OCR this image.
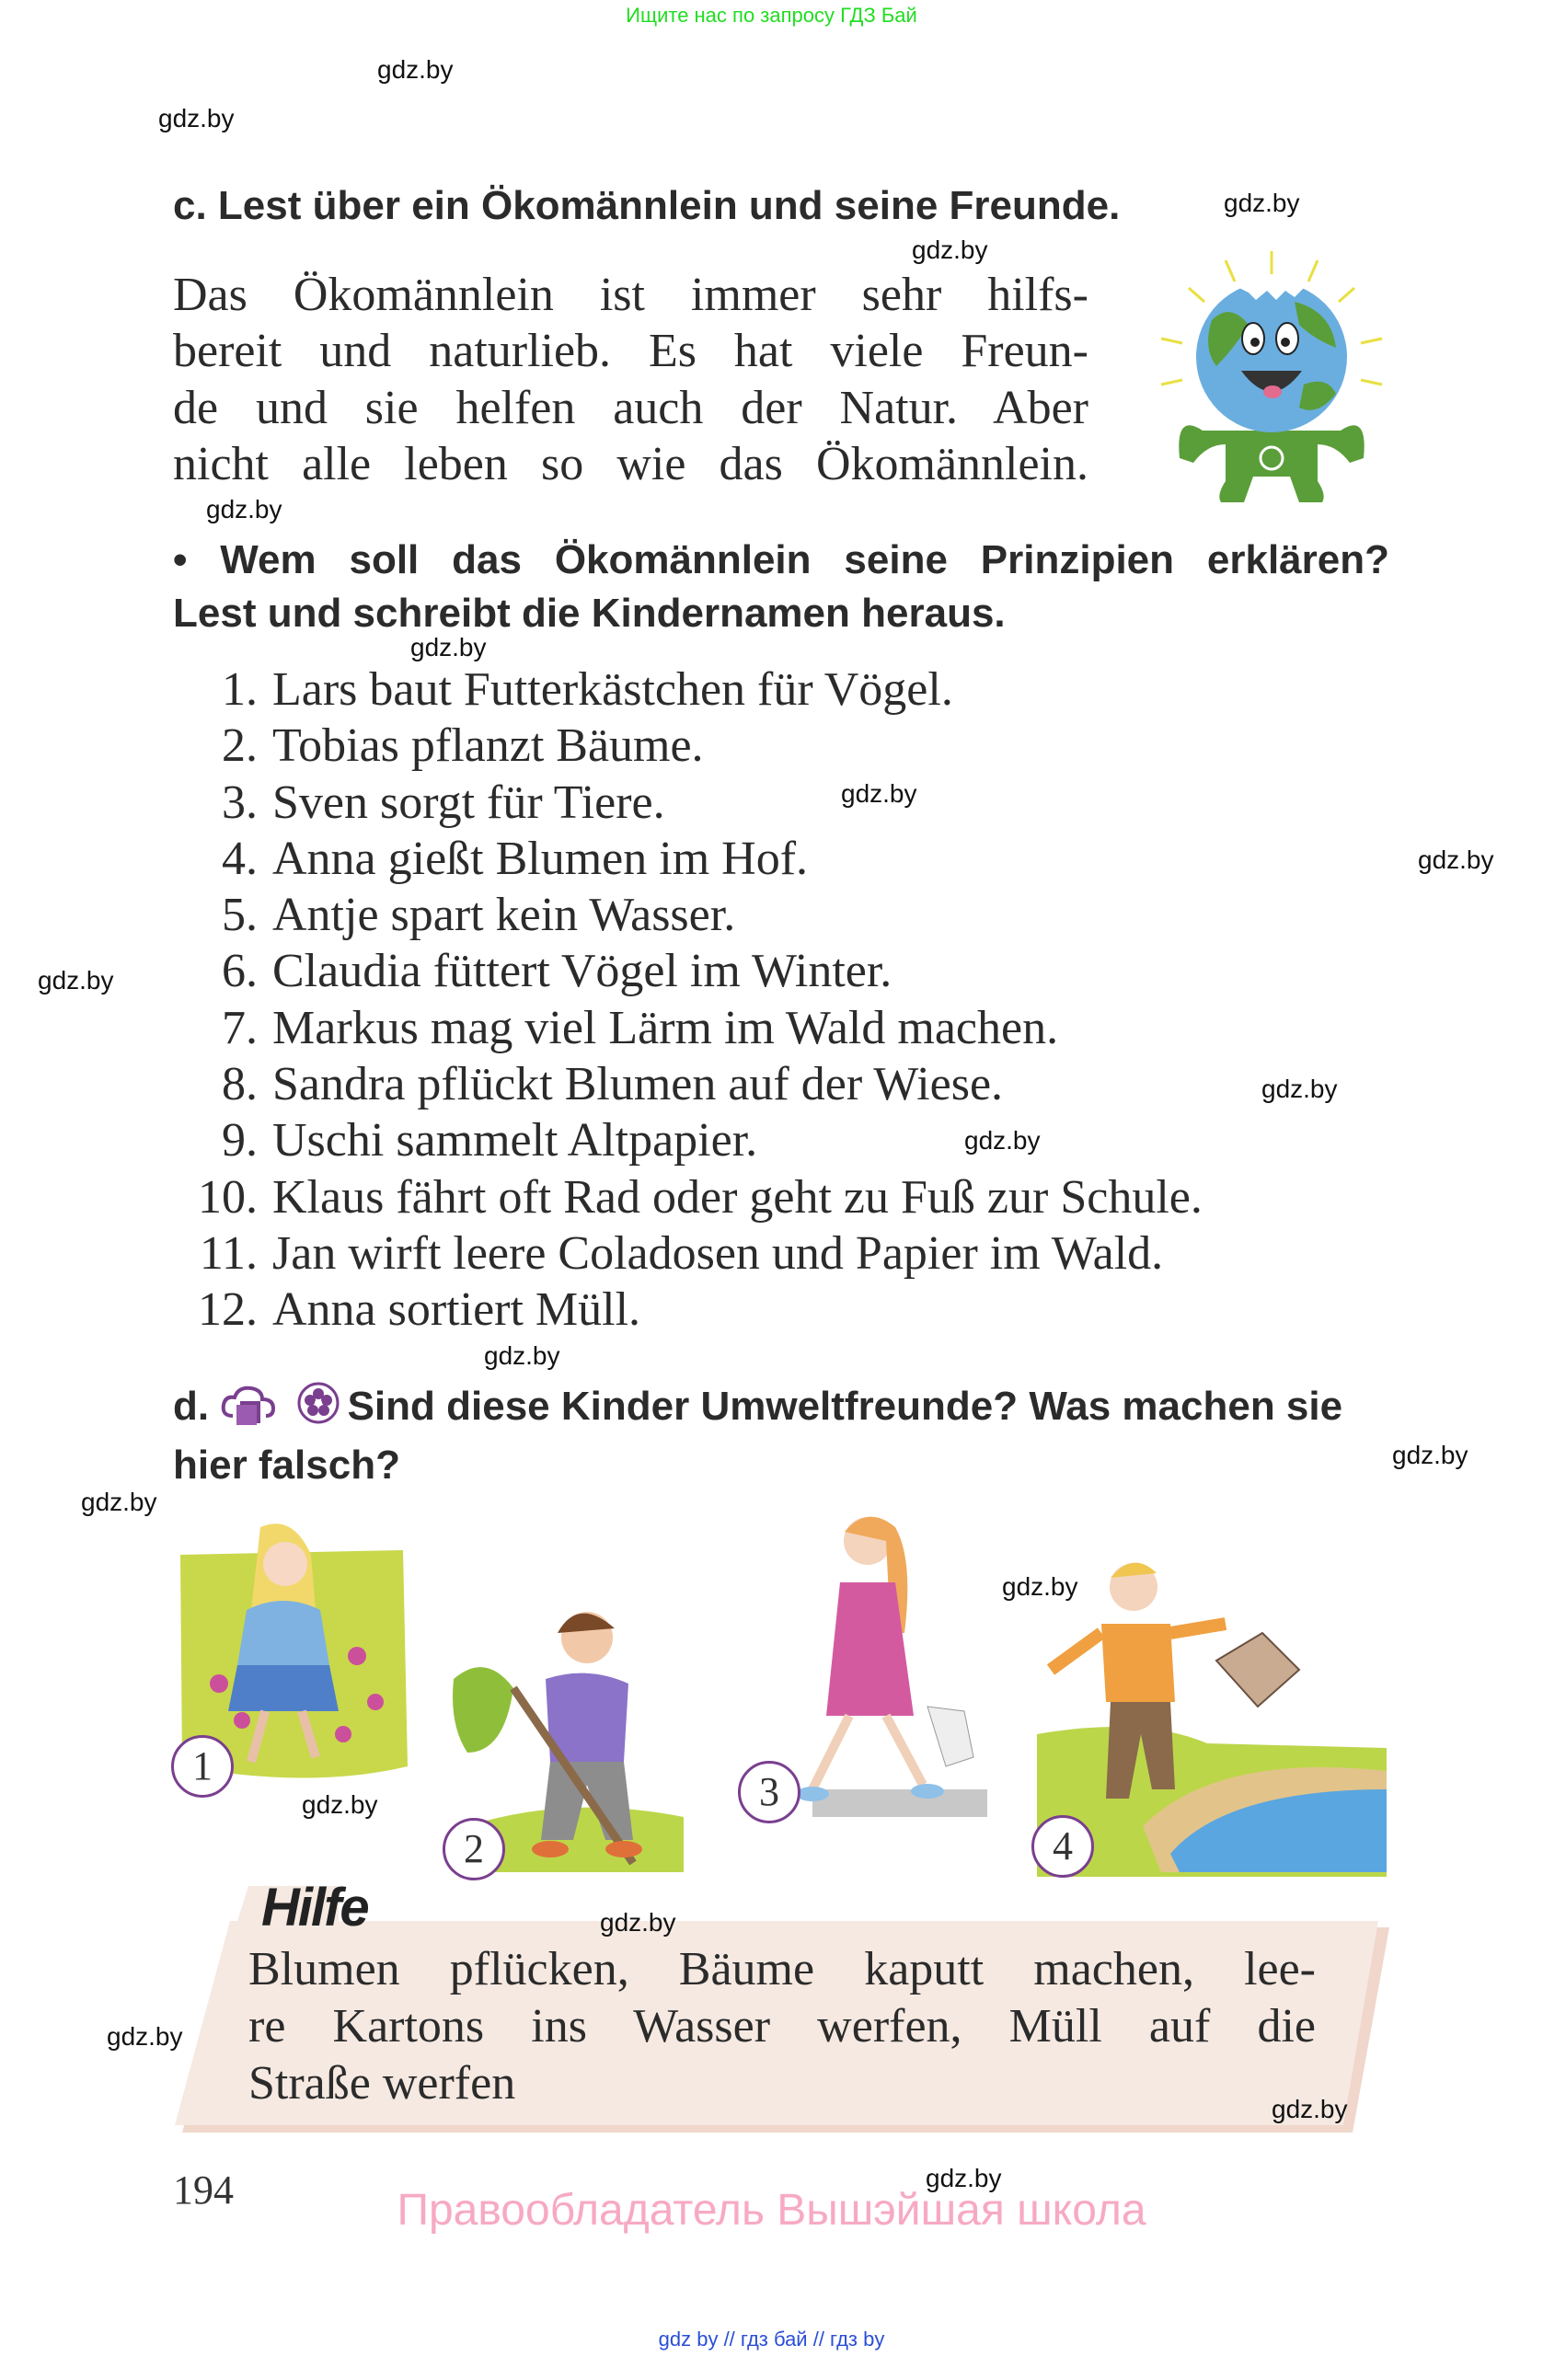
Ищите нас по запросу ГДЗ Бай
c. Lest über ein Ökomännlein und seine Freunde.
Das Ökomännlein ist immer sehr hilfs-
bereit und naturlieb. Es hat viele Freun-
de und sie helfen auch der Natur. Aber
nicht alle leben so wie das Ökomännlein.
• Wem soll das Ökomännlein seine Prinzipien erklären?
Lest und schreibt die Kindernamen heraus.
1. Lars baut Futterkästchen für Vögel.
2. Tobias pflanzt Bäume.
3. Sven sorgt für Tiere.
4. Anna gießt Blumen im Hof.
5. Antje spart kein Wasser.
6. Claudia füttert Vögel im Winter.
7. Markus mag viel Lärm im Wald machen.
8. Sandra pflückt Blumen auf der Wiese.
9. Uschi sammelt Altpapier.
10. Klaus fährt oft Rad oder geht zu Fuß zur Schule.
11. Jan wirft leere Coladosen und Papier im Wald.
12. Anna sortiert Müll.
d.	Sind diese Kinder Umweltfreunde? Was machen sie
hier falsch?
1
2
3
4
Hilfe
Blumen pflücken, Bäume kaputt machen, lee-
re Kartons ins Wasser werfen, Müll auf die
Straße werfen
194	Правообладатель Вышэйшая школа
gdz by // гдз бай // гдз by
gdz.by
gdz.by
gdz.by
gdz.by
gdz.by
gdz.by
gdz.by
gdz.by
gdz.by
gdz.by
gdz.by
gdz.by
gdz.by
gdz.by
gdz.by
gdz.by
gdz.by
gdz.by
gdz.by
gdz.by
